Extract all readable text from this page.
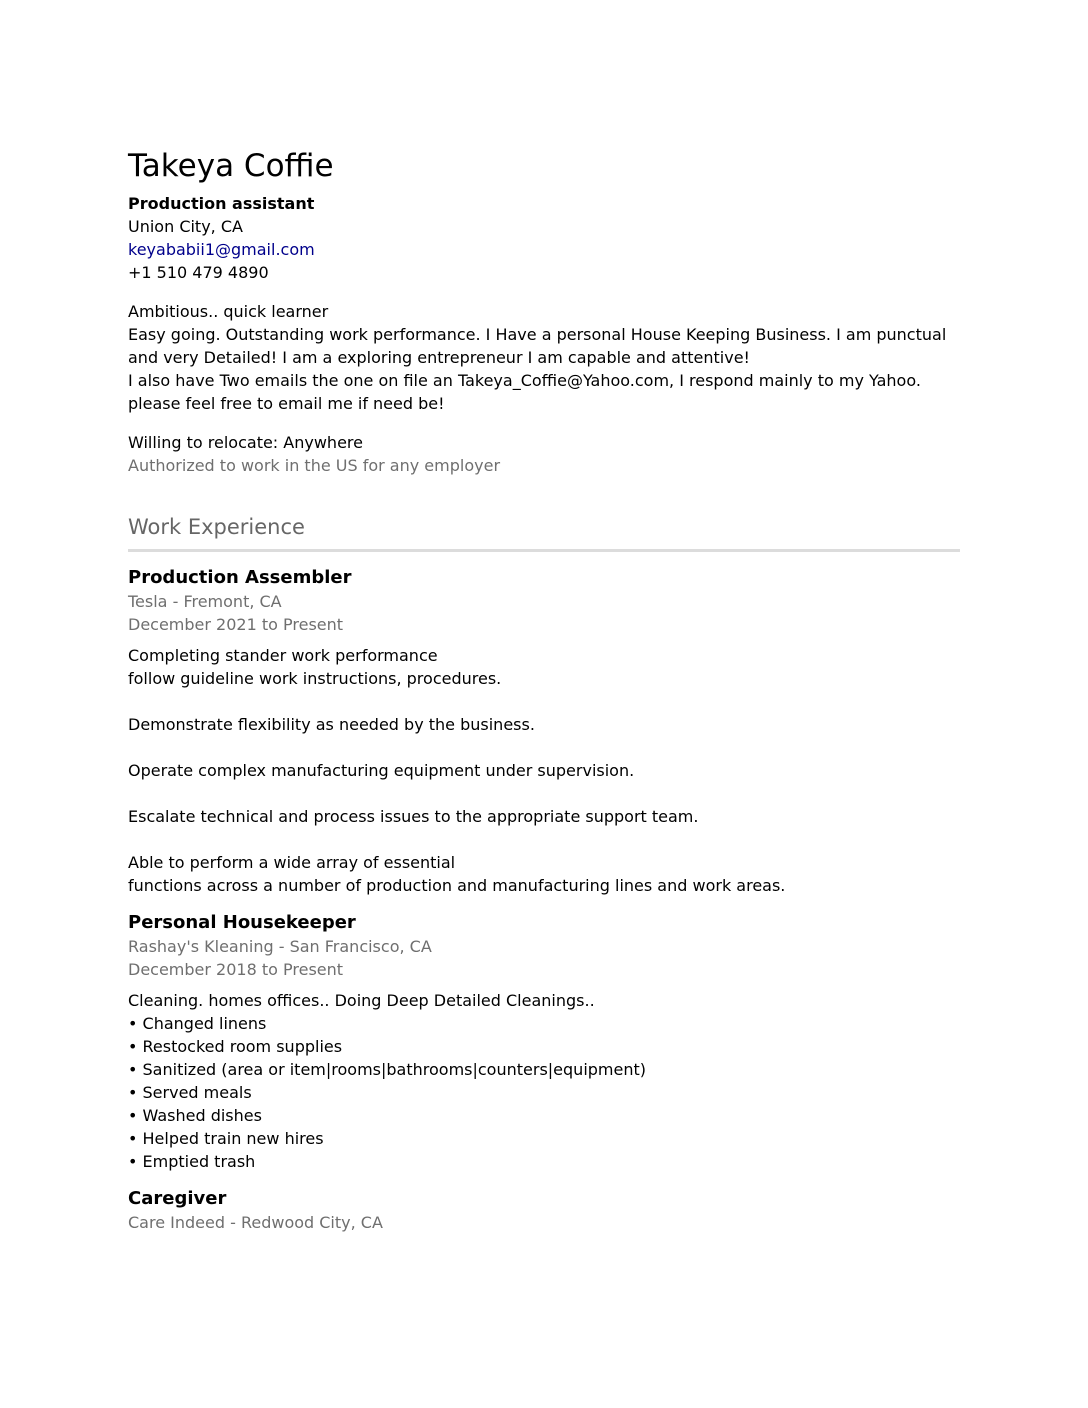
Takeya Coffie
Production assistant
Union City, CA
keyababii1@gmail.com
+1 510 479 4890
Ambitious.. quick learner
Easy going. Outstanding work performance. I Have a personal House Keeping Business. I am punctual
and very Detailed! I am a exploring entrepreneur I am capable and attentive!
I also have Two emails the one on file an Takeya_Coffie@Yahoo.com, I respond mainly to my Yahoo.
please feel free to email me if need be!
Willing to relocate: Anywhere
Authorized to work in the US for any employer
Work Experience
Production Assembler
Tesla - Fremont, CA
December 2021 to Present
Completing stander work performance
follow guideline work instructions, procedures.
Demonstrate flexibility as needed by the business.
Operate complex manufacturing equipment under supervision.
Escalate technical and process issues to the appropriate support team.
Able to perform a wide array of essential
functions across a number of production and manufacturing lines and work areas.
Personal Housekeeper
Rashay's Kleaning - San Francisco, CA
December 2018 to Present
Cleaning. homes offices.. Doing Deep Detailed Cleanings..
• Changed linens
• Restocked room supplies
• Sanitized (area or item|rooms|bathrooms|counters|equipment)
• Served meals
• Washed dishes
• Helped train new hires
• Emptied trash
Caregiver
Care Indeed - Redwood City, CA
